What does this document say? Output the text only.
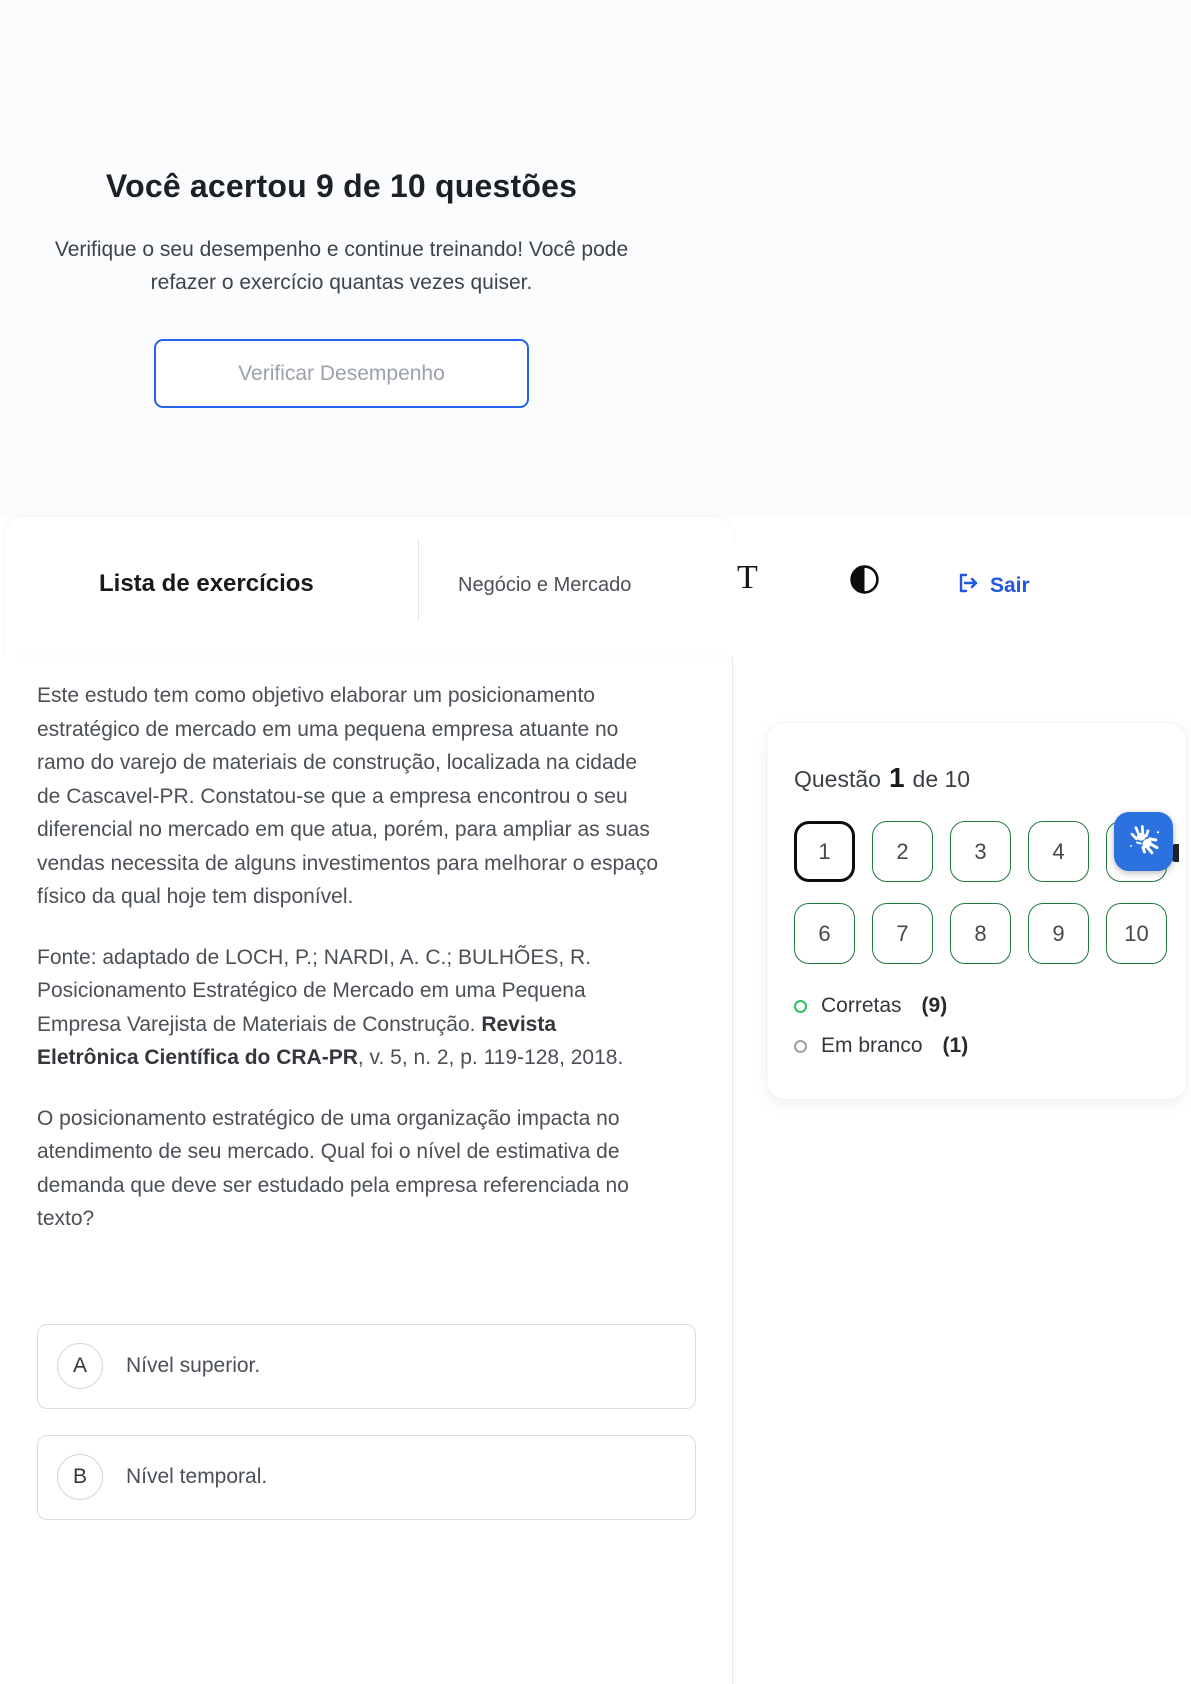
Você acertou 9 de 10 questões

Verifique o seu desempenho e continue treinando! Você pode refazer o exercício quantas vezes quiser.

Verificar Desempenho
Lista de exercícios	Negócio e Mercado	T	Sair

Este estudo tem como objetivo elaborar um posicionamento estratégico de mercado em uma pequena empresa atuante no ramo do varejo de materiais de construção, localizada na cidade de Cascavel-PR. Constatou-se que a empresa encontrou o seu diferencial no mercado em que atua, porém, para ampliar as suas vendas necessita de alguns investimentos para melhorar o espaço físico da qual hoje tem disponível.

Fonte: adaptado de LOCH, P.; NARDI, A. C.; BULHÕES, R. Posicionamento Estratégico de Mercado em uma Pequena Empresa Varejista de Materiais de Construção. Revista Eletrônica Científica do CRA-PR, v. 5, n. 2, p. 119-128, 2018.

O posicionamento estratégico de uma organização impacta no atendimento de seu mercado. Qual foi o nível de estimativa de demanda que deve ser estudado pela empresa referenciada no texto?

A	Nível superior.
B	Nível temporal.
Questão 1 de 10
1	2	3	4
6	7	8	9	10
Corretas (9)
Em branco (1)
